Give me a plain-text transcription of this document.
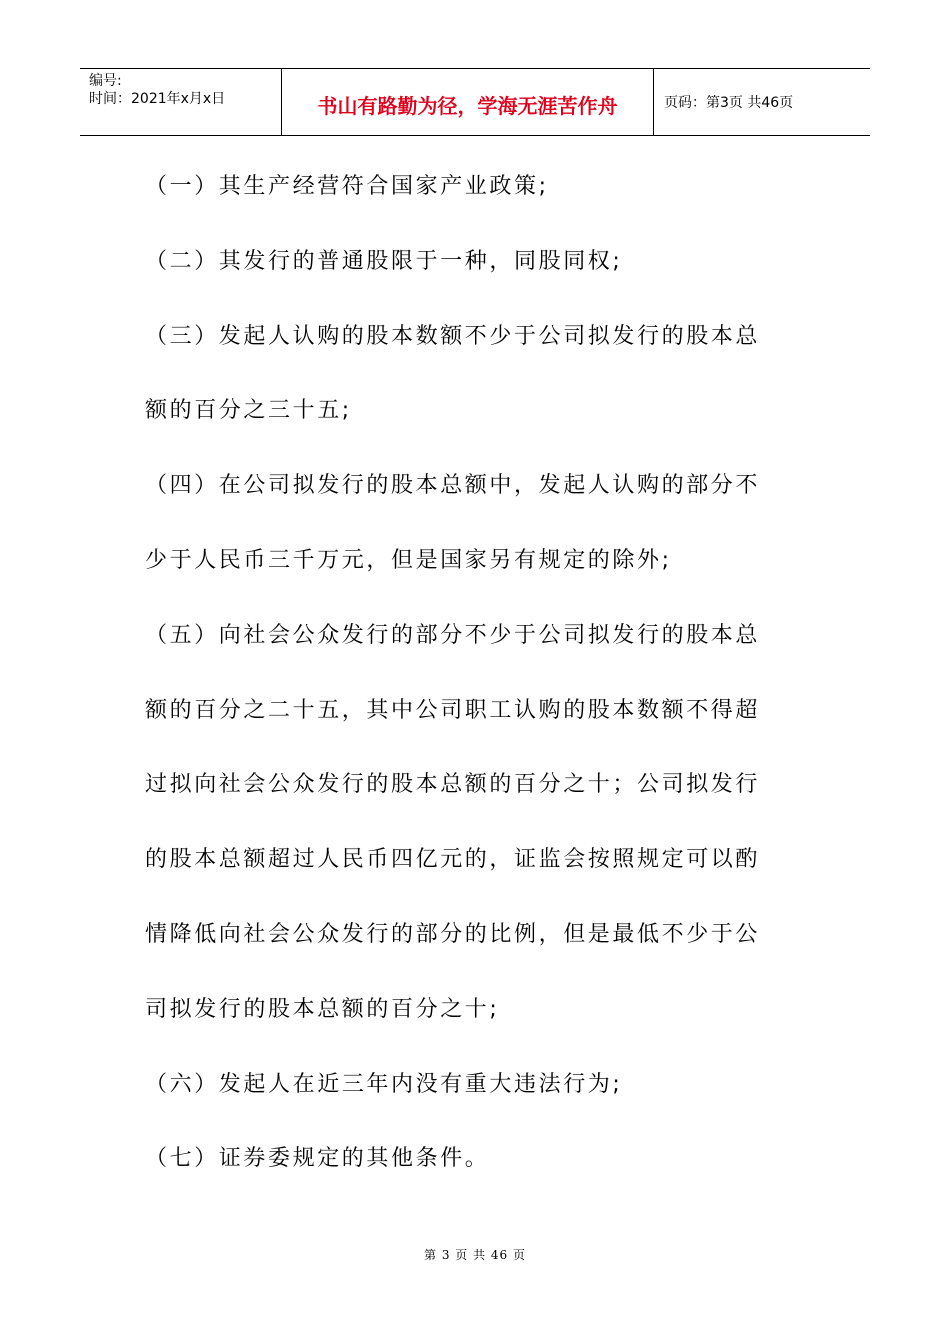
编号:
时间：2021年x月x日	书山有路勤为径，学海无涯苦作舟	页码：第3页 共46页
（一）其生产经营符合国家产业政策;
（二）其发行的普通股限于一种，同股同权;
（三）发起人认购的股本数额不少于公司拟发行的股本总
额的百分之三十五;
（四）在公司拟发行的股本总额中，发起人认购的部分不
少于人民币三千万元，但是国家另有规定的除外;
（五）向社会公众发行的部分不少于公司拟发行的股本总
额的百分之二十五，其中公司职工认购的股本数额不得超
过拟向社会公众发行的股本总额的百分之十；公司拟发行
的股本总额超过人民币四亿元的，证监会按照规定可以酌
情降低向社会公众发行的部分的比例，但是最低不少于公
司拟发行的股本总额的百分之十;
（六）发起人在近三年内没有重大违法行为;
（七）证券委规定的其他条件。
第 3 页 共 46 页
